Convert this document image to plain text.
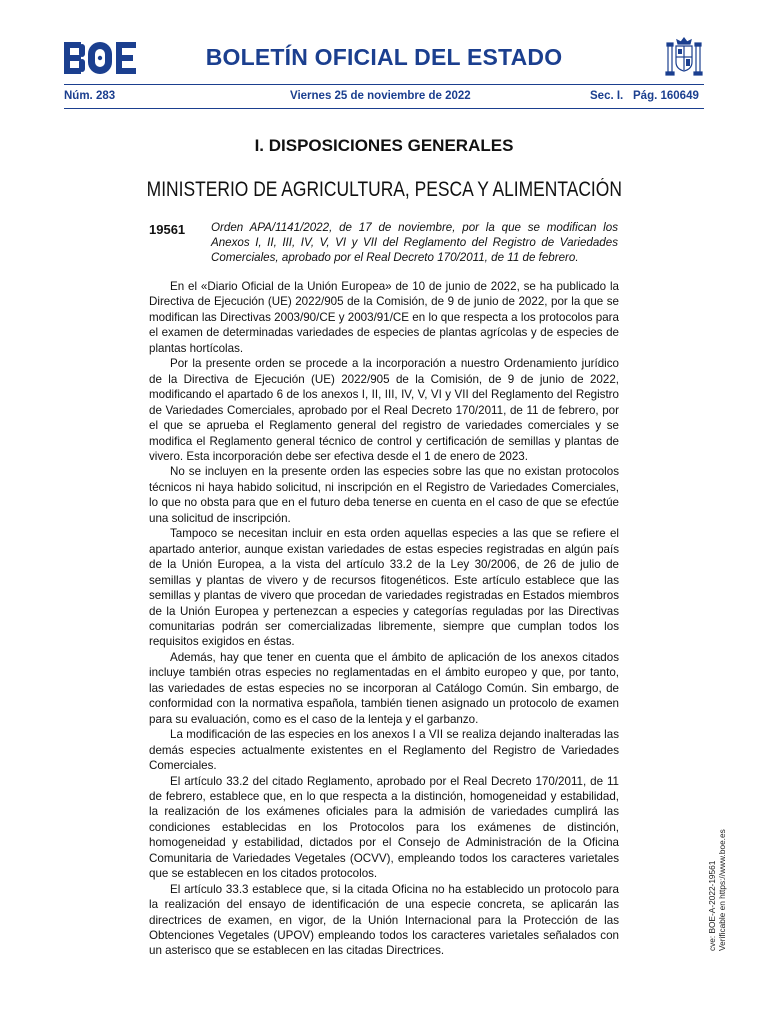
BOLETÍN OFICIAL DEL ESTADO
Núm. 283	Viernes 25 de noviembre de 2022	Sec. I. Pág. 160649
I. DISPOSICIONES GENERALES
MINISTERIO DE AGRICULTURA, PESCA Y ALIMENTACIÓN
19561 Orden APA/1141/2022, de 17 de noviembre, por la que se modifican los Anexos I, II, III, IV, V, VI y VII del Reglamento del Registro de Variedades Comerciales, aprobado por el Real Decreto 170/2011, de 11 de febrero.

En el «Diario Oficial de la Unión Europea» de 10 de junio de 2022, se ha publicado la Directiva de Ejecución (UE) 2022/905 de la Comisión, de 9 de junio de 2022, por la que se modifican las Directivas 2003/90/CE y 2003/91/CE en lo que respecta a los protocolos para el examen de determinadas variedades de especies de plantas agrícolas y de especies de plantas hortícolas.

Por la presente orden se procede a la incorporación a nuestro Ordenamiento jurídico de la Directiva de Ejecución (UE) 2022/905 de la Comisión, de 9 de junio de 2022, modificando el apartado 6 de los anexos I, II, III, IV, V, VI y VII del Reglamento del Registro de Variedades Comerciales, aprobado por el Real Decreto 170/2011, de 11 de febrero, por el que se aprueba el Reglamento general del registro de variedades comerciales y se modifica el Reglamento general técnico de control y certificación de semillas y plantas de vivero. Esta incorporación debe ser efectiva desde el 1 de enero de 2023.

No se incluyen en la presente orden las especies sobre las que no existan protocolos técnicos ni haya habido solicitud, ni inscripción en el Registro de Variedades Comerciales, lo que no obsta para que en el futuro deba tenerse en cuenta en el caso de que se efectúe una solicitud de inscripción.

Tampoco se necesitan incluir en esta orden aquellas especies a las que se refiere el apartado anterior, aunque existan variedades de estas especies registradas en algún país de la Unión Europea, a la vista del artículo 33.2 de la Ley 30/2006, de 26 de julio de semillas y plantas de vivero y de recursos fitogenéticos. Este artículo establece que las semillas y plantas de vivero que procedan de variedades registradas en Estados miembros de la Unión Europea y pertenezcan a especies y categorías reguladas por las Directivas comunitarias podrán ser comercializadas libremente, siempre que cumplan todos los requisitos exigidos en éstas.

Además, hay que tener en cuenta que el ámbito de aplicación de los anexos citados incluye también otras especies no reglamentadas en el ámbito europeo y que, por tanto, las variedades de estas especies no se incorporan al Catálogo Común. Sin embargo, de conformidad con la normativa española, también tienen asignado un protocolo de examen para su evaluación, como es el caso de la lenteja y el garbanzo.

La modificación de las especies en los anexos I a VII se realiza dejando inalteradas las demás especies actualmente existentes en el Reglamento del Registro de Variedades Comerciales.

El artículo 33.2 del citado Reglamento, aprobado por el Real Decreto 170/2011, de 11 de febrero, establece que, en lo que respecta a la distinción, homogeneidad y estabilidad, la realización de los exámenes oficiales para la admisión de variedades cumplirá las condiciones establecidas en los Protocolos para los exámenes de distinción, homogeneidad y estabilidad, dictados por el Consejo de Administración de la Oficina Comunitaria de Variedades Vegetales (OCVV), empleando todos los caracteres varietales que se establecen en los citados protocolos.

El artículo 33.3 establece que, si la citada Oficina no ha establecido un protocolo para la realización del ensayo de identificación de una especie concreta, se aplicarán las directrices de examen, en vigor, de la Unión Internacional para la Protección de las Obtenciones Vegetales (UPOV) empleando todos los caracteres varietales señalados con un asterisco que se establecen en las citadas Directrices.	cve: BOE-A-2022-19561 Verificable en https://www.boe.es
